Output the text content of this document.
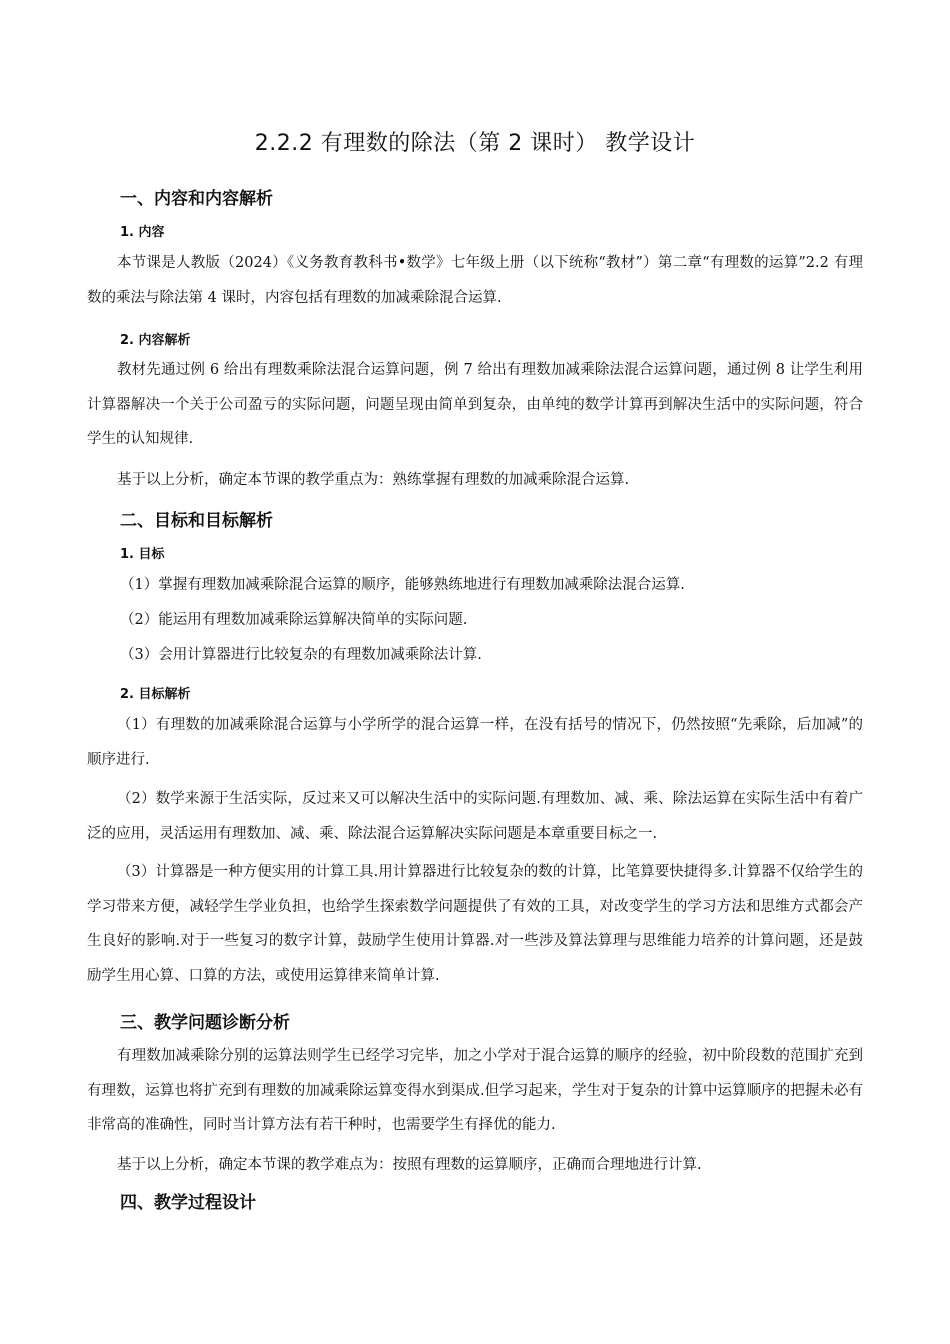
2.2.2 有理数的除法（第 2 课时） 教学设计
一、内容和内容解析
1. 内容
本节课是人教版（2024）《义务教育教科书•数学》七年级上册（以下统称“教材”）第二章“有理数的运算”2.2 有理数的乘法与除法第 4 课时，内容包括有理数的加减乘除混合运算.
2. 内容解析
教材先通过例 6 给出有理数乘除法混合运算问题，例 7 给出有理数加减乘除法混合运算问题，通过例 8 让学生利用计算器解决一个关于公司盈亏的实际问题，问题呈现由简单到复杂，由单纯的数学计算再到解决生活中的实际问题，符合学生的认知规律.
基于以上分析，确定本节课的教学重点为：熟练掌握有理数的加减乘除混合运算.
二、目标和目标解析
1. 目标
（1）掌握有理数加减乘除混合运算的顺序，能够熟练地进行有理数加减乘除法混合运算.
（2）能运用有理数加减乘除运算解决简单的实际问题.
（3）会用计算器进行比较复杂的有理数加减乘除法计算.
2. 目标解析
（1）有理数的加减乘除混合运算与小学所学的混合运算一样，在没有括号的情况下，仍然按照“先乘除，后加减”的顺序进行.
（2）数学来源于生活实际，反过来又可以解决生活中的实际问题.有理数加、减、乘、除法运算在实际生活中有着广泛的应用，灵活运用有理数加、减、乘、除法混合运算解决实际问题是本章重要目标之一.
（3）计算器是一种方便实用的计算工具.用计算器进行比较复杂的数的计算，比笔算要快捷得多.计算器不仅给学生的学习带来方便，减轻学生学业负担，也给学生探索数学问题提供了有效的工具，对改变学生的学习方法和思维方式都会产生良好的影响.对于一些复习的数字计算，鼓励学生使用计算器.对一些涉及算法算理与思维能力培养的计算问题，还是鼓励学生用心算、口算的方法，或使用运算律来简单计算.
三、教学问题诊断分析
有理数加减乘除分别的运算法则学生已经学习完毕，加之小学对于混合运算的顺序的经验，初中阶段数的范围扩充到有理数，运算也将扩充到有理数的加减乘除运算变得水到渠成.但学习起来，学生对于复杂的计算中运算顺序的把握未必有非常高的准确性，同时当计算方法有若干种时，也需要学生有择优的能力.
基于以上分析，确定本节课的教学难点为：按照有理数的运算顺序，正确而合理地进行计算.
四、教学过程设计
